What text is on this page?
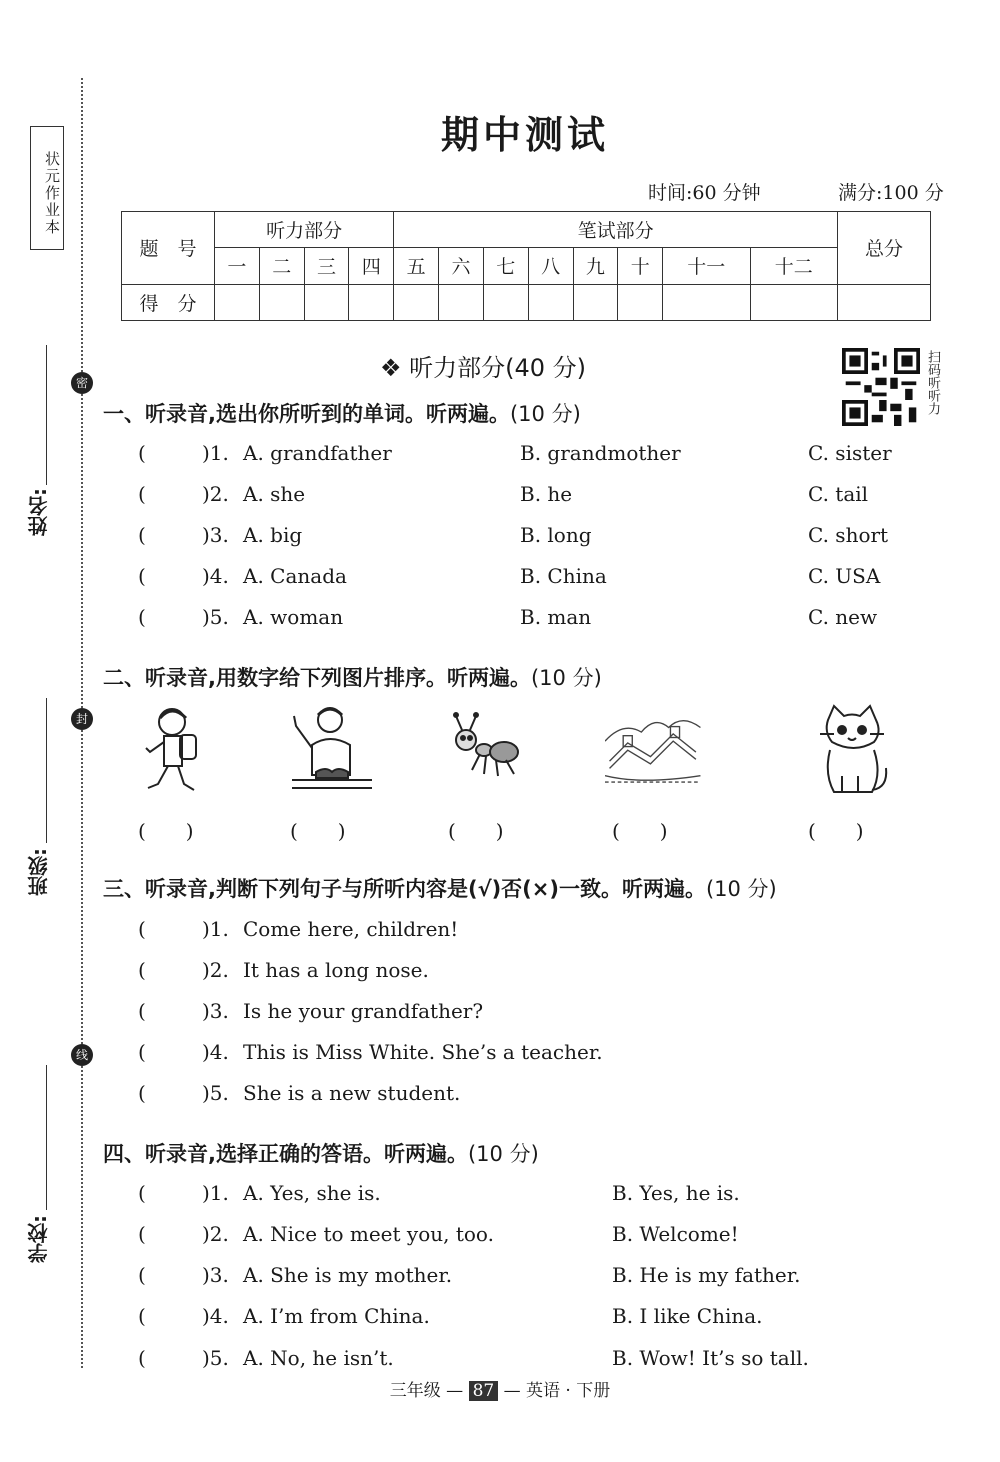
状元作业本
密
封
线
姓名:
班级:
学校:
期中测试
时间:60 分钟	满分:100 分
题　号	听力部分				笔试部分								总分
	一	二	三	四	五	六	七	八	九	十	十一	十二	
得　分													
❖ 听力部分(40 分)	扫码听听力
一、听录音,选出你所听到的单词。听两遍。(10 分)
(	)1. A. grandfather	B. grandmother	C. sister
(	)2. A. she	B. he	C. tail
(	)3. A. big	B. long	C. short
(	)4. A. Canada	B. China	C. USA
(	)5. A. woman	B. man	C. new
二、听录音,用数字给下列图片排序。听两遍。(10 分)
(　　)	(　　)	(　　)	(　　)	(　　)
三、听录音,判断下列句子与所听内容是(√)否(×)一致。听两遍。(10 分)
(	)1. Come here, children!
(	)2. It has a long nose.
(	)3. Is he your grandfather?
(	)4. This is Miss White. She’s a teacher.
(	)5. She is a new student.
四、听录音,选择正确的答语。听两遍。(10 分)
(	)1. A. Yes, she is.	B. Yes, he is.
(	)2. A. Nice to meet you, too.	B. Welcome!
(	)3. A. She is my mother.	B. He is my father.
(	)4. A. I’m from China.	B. I like China.
(	)5. A. No, he isn’t.	B. Wow! It’s so tall.
三年级 — 87 — 英语 · 下册
